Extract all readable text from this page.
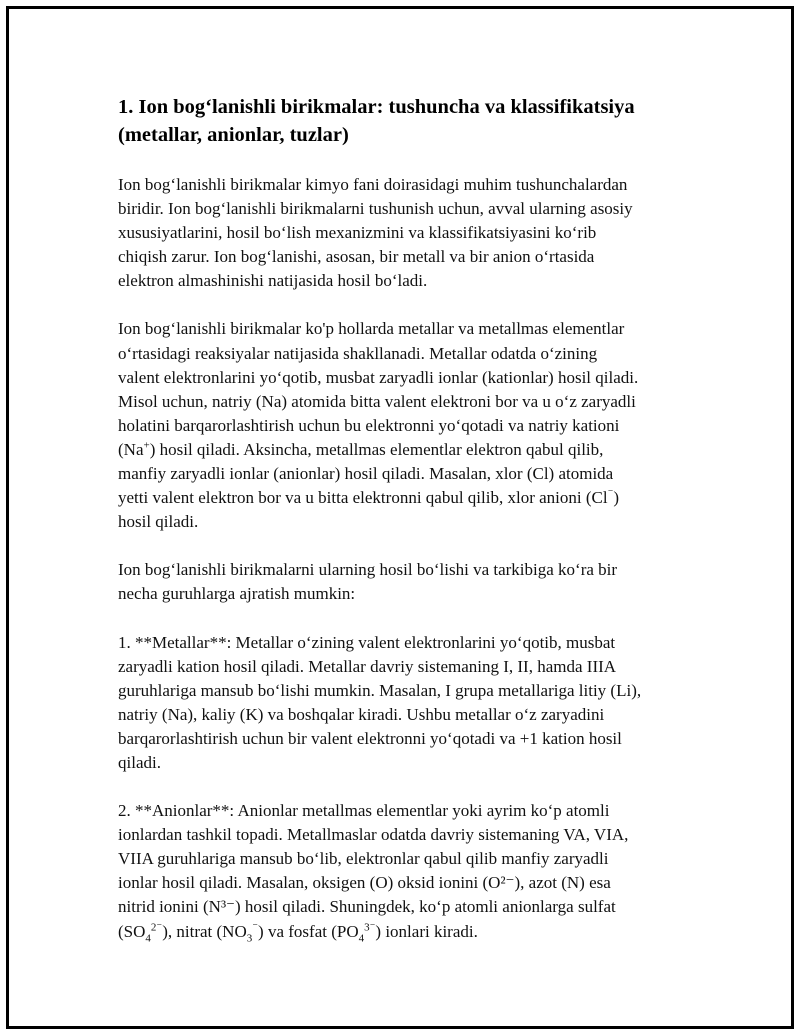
1. Ion bog‘lanishli birikmalar: tushuncha va klassifikatsiya
(metallar, anionlar, tuzlar)

Ion bog‘lanishli birikmalar kimyo fani doirasidagi muhim tushunchalardan
biridir. Ion bog‘lanishli birikmalarni tushunish uchun, avval ularning asosiy
xususiyatlarini, hosil bo‘lish mexanizmini va klassifikatsiyasini ko‘rib
chiqish zarur. Ion bog‘lanishi, asosan, bir metall va bir anion o‘rtasida
elektron almashinishi natijasida hosil bo‘ladi.

Ion bog‘lanishli birikmalar ko'p hollarda metallar va metallmas elementlar
o‘rtasidagi reaksiyalar natijasida shakllanadi. Metallar odatda o‘zining
valent elektronlarini yo‘qotib, musbat zaryadli ionlar (kationlar) hosil qiladi.
Misol uchun, natriy (Na) atomida bitta valent elektroni bor va u o‘z zaryadli
holatini barqarorlashtirish uchun bu elektronni yo‘qotadi va natriy kationi
(Na+) hosil qiladi. Aksincha, metallmas elementlar elektron qabul qilib,
manfiy zaryadli ionlar (anionlar) hosil qiladi. Masalan, xlor (Cl) atomida
yetti valent elektron bor va u bitta elektronni qabul qilib, xlor anioni (Cl⁻)
hosil qiladi.

Ion bog‘lanishli birikmalarni ularning hosil bo‘lishi va tarkibiga ko‘ra bir
necha guruhlarga ajratish mumkin:

1. **Metallar**: Metallar o‘zining valent elektronlarini yo‘qotib, musbat
zaryadli kation hosil qiladi. Metallar davriy sistemaning I, II, hamda IIIA
guruhlariga mansub bo‘lishi mumkin. Masalan, I grupa metallariga litiy (Li),
natriy (Na), kaliy (K) va boshqalar kiradi. Ushbu metallar o‘z zaryadini
barqarorlashtirish uchun bir valent elektronni yo‘qotadi va +1 kation hosil
qiladi.

2. **Anionlar**: Anionlar metallmas elementlar yoki ayrim ko‘p atomli
ionlardan tashkil topadi. Metallmaslar odatda davriy sistemaning VA, VIA,
VIIA guruhlariga mansub bo‘lib, elektronlar qabul qilib manfiy zaryadli
ionlar hosil qiladi. Masalan, oksigen (O) oksid ionini (O²⁻), azot (N) esa
nitrid ionini (N³⁻) hosil qiladi. Shuningdek, ko‘p atomli anionlarga sulfat
$(SO_4^{2^-})$, nitrat $(NO_3^{^-})$ va fosfat $(PO_4^{3^-})$ ionlari kiradi.
